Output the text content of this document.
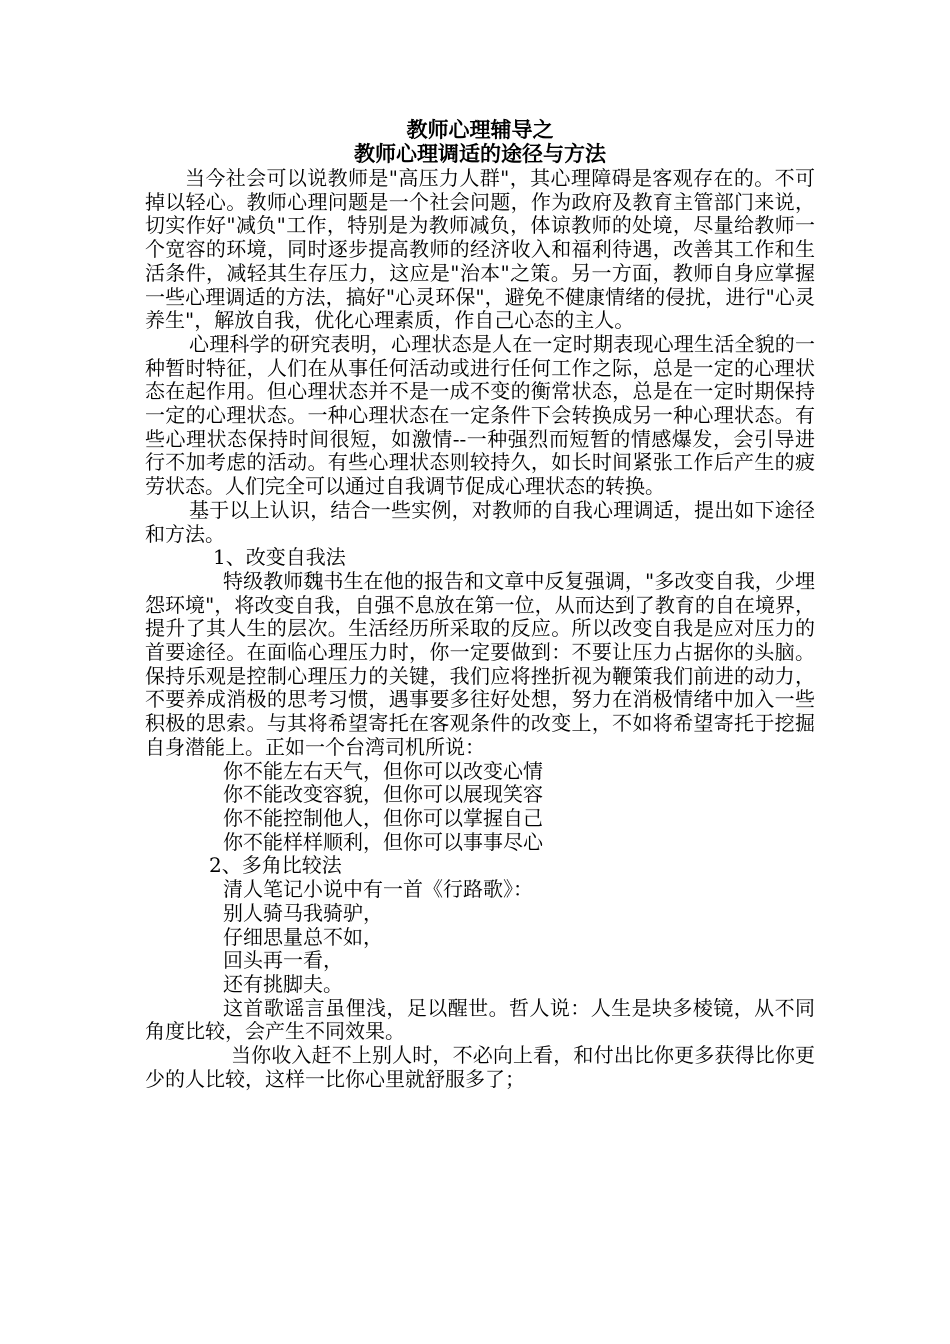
教师心理辅导之
教师心理调适的途径与方法

当今社会可以说教师是"高压力人群"，其心理障碍是客观存在的。不可掉以轻心。教师心理问题是一个社会问题，作为政府及教育主管部门来说，切实作好"减负"工作，特别是为教师减负，体谅教师的处境，尽量给教师一个宽容的环境，同时逐步提高教师的经济收入和福利待遇，改善其工作和生活条件，减轻其生存压力，这应是"治本"之策。另一方面，教师自身应掌握一些心理调适的方法，搞好"心灵环保"，避免不健康情绪的侵扰，进行"心灵养生"，解放自我，优化心理素质，作自己心态的主人。

心理科学的研究表明，心理状态是人在一定时期表现心理生活全貌的一种暂时特征，人们在从事任何活动或进行任何工作之际，总是一定的心理状态在起作用。但心理状态并不是一成不变的衡常状态，总是在一定时期保持一定的心理状态。一种心理状态在一定条件下会转换成另一种心理状态。有些心理状态保持时间很短，如激情--一种强烈而短暂的情感爆发，会引导进行不加考虑的活动。有些心理状态则较持久，如长时间紧张工作后产生的疲劳状态。人们完全可以通过自我调节促成心理状态的转换。

基于以上认识，结合一些实例，对教师的自我心理调适，提出如下途径和方法。

1、改变自我法

特级教师魏书生在他的报告和文章中反复强调，"多改变自我，少埋怨环境"，将改变自我，自强不息放在第一位，从而达到了教育的自在境界，提升了其人生的层次。生活经历所采取的反应。所以改变自我是应对压力的首要途径。在面临心理压力时，你一定要做到：不要让压力占据你的头脑。保持乐观是控制心理压力的关键，我们应将挫折视为鞭策我们前进的动力，不要养成消极的思考习惯，遇事要多往好处想，努力在消极情绪中加入一些积极的思索。与其将希望寄托在客观条件的改变上，不如将希望寄托于挖掘自身潜能上。正如一个台湾司机所说：

你不能左右天气，但你可以改变心情
你不能改变容貌，但你可以展现笑容
你不能控制他人，但你可以掌握自己
你不能样样顺利，但你可以事事尽心
2、多角比较法
清人笔记小说中有一首《行路歌》：
别人骑马我骑驴，
仔细思量总不如，
回头再一看，
还有挑脚夫。

这首歌谣言虽俚浅，足以醒世。哲人说：人生是块多棱镜，从不同角度比较，会产生不同效果。

当你收入赶不上别人时，不必向上看，和付出比你更多获得比你更少的人比较，这样一比你心里就舒服多了；
